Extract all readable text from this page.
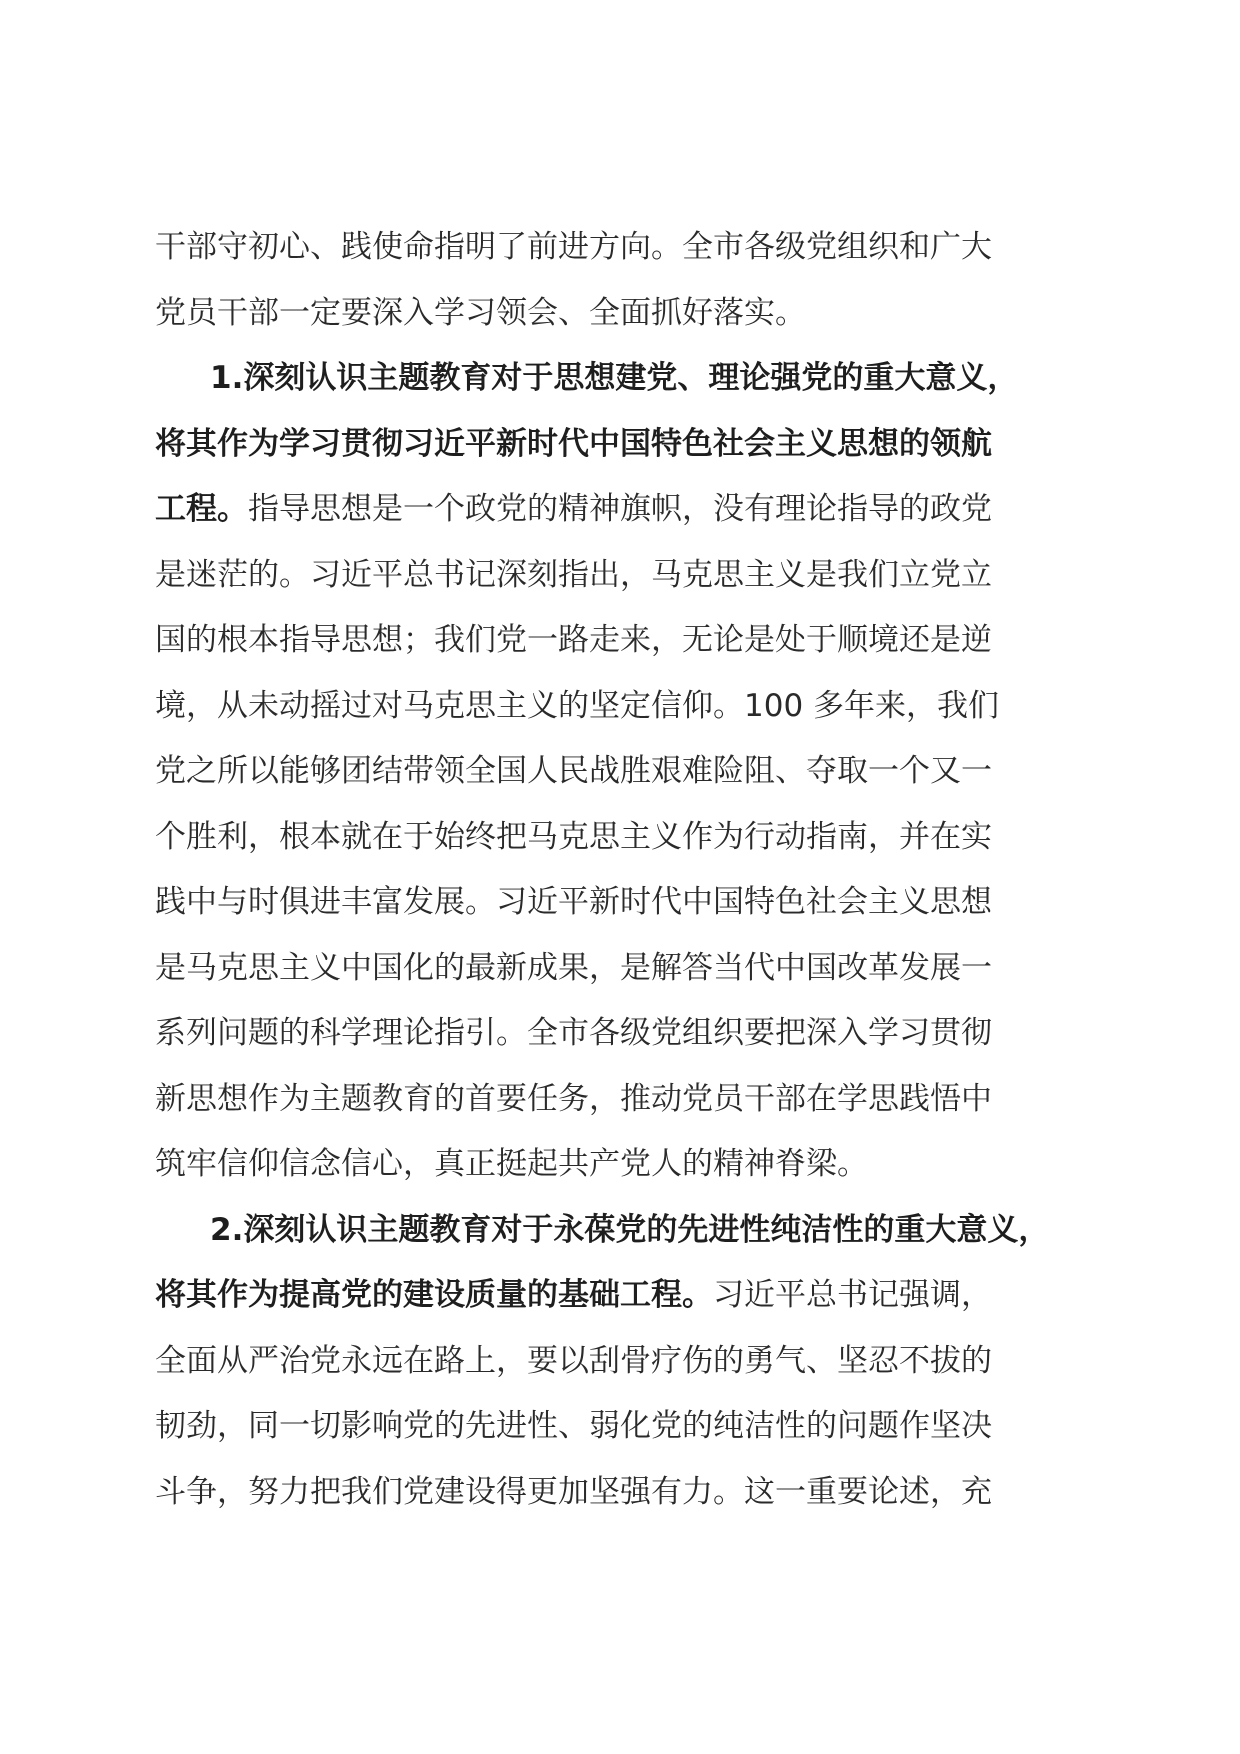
干部守初心、践使命指明了前进方向。全市各级党组织和广大
党员干部一定要深入学习领会、全面抓好落实。
1.深刻认识主题教育对于思想建党、理论强党的重大意义，
将其作为学习贯彻习近平新时代中国特色社会主义思想的领航
工程。指导思想是一个政党的精神旗帜，没有理论指导的政党
是迷茫的。习近平总书记深刻指出，马克思主义是我们立党立
国的根本指导思想；我们党一路走来，无论是处于顺境还是逆
境，从未动摇过对马克思主义的坚定信仰。100 多年来，我们
党之所以能够团结带领全国人民战胜艰难险阻、夺取一个又一
个胜利，根本就在于始终把马克思主义作为行动指南，并在实
践中与时俱进丰富发展。习近平新时代中国特色社会主义思想
是马克思主义中国化的最新成果，是解答当代中国改革发展一
系列问题的科学理论指引。全市各级党组织要把深入学习贯彻
新思想作为主题教育的首要任务，推动党员干部在学思践悟中
筑牢信仰信念信心，真正挺起共产党人的精神脊梁。
2.深刻认识主题教育对于永葆党的先进性纯洁性的重大意义，
将其作为提高党的建设质量的基础工程。习近平总书记强调，
全面从严治党永远在路上，要以刮骨疗伤的勇气、坚忍不拔的
韧劲，同一切影响党的先进性、弱化党的纯洁性的问题作坚决
斗争，努力把我们党建设得更加坚强有力。这一重要论述，充
